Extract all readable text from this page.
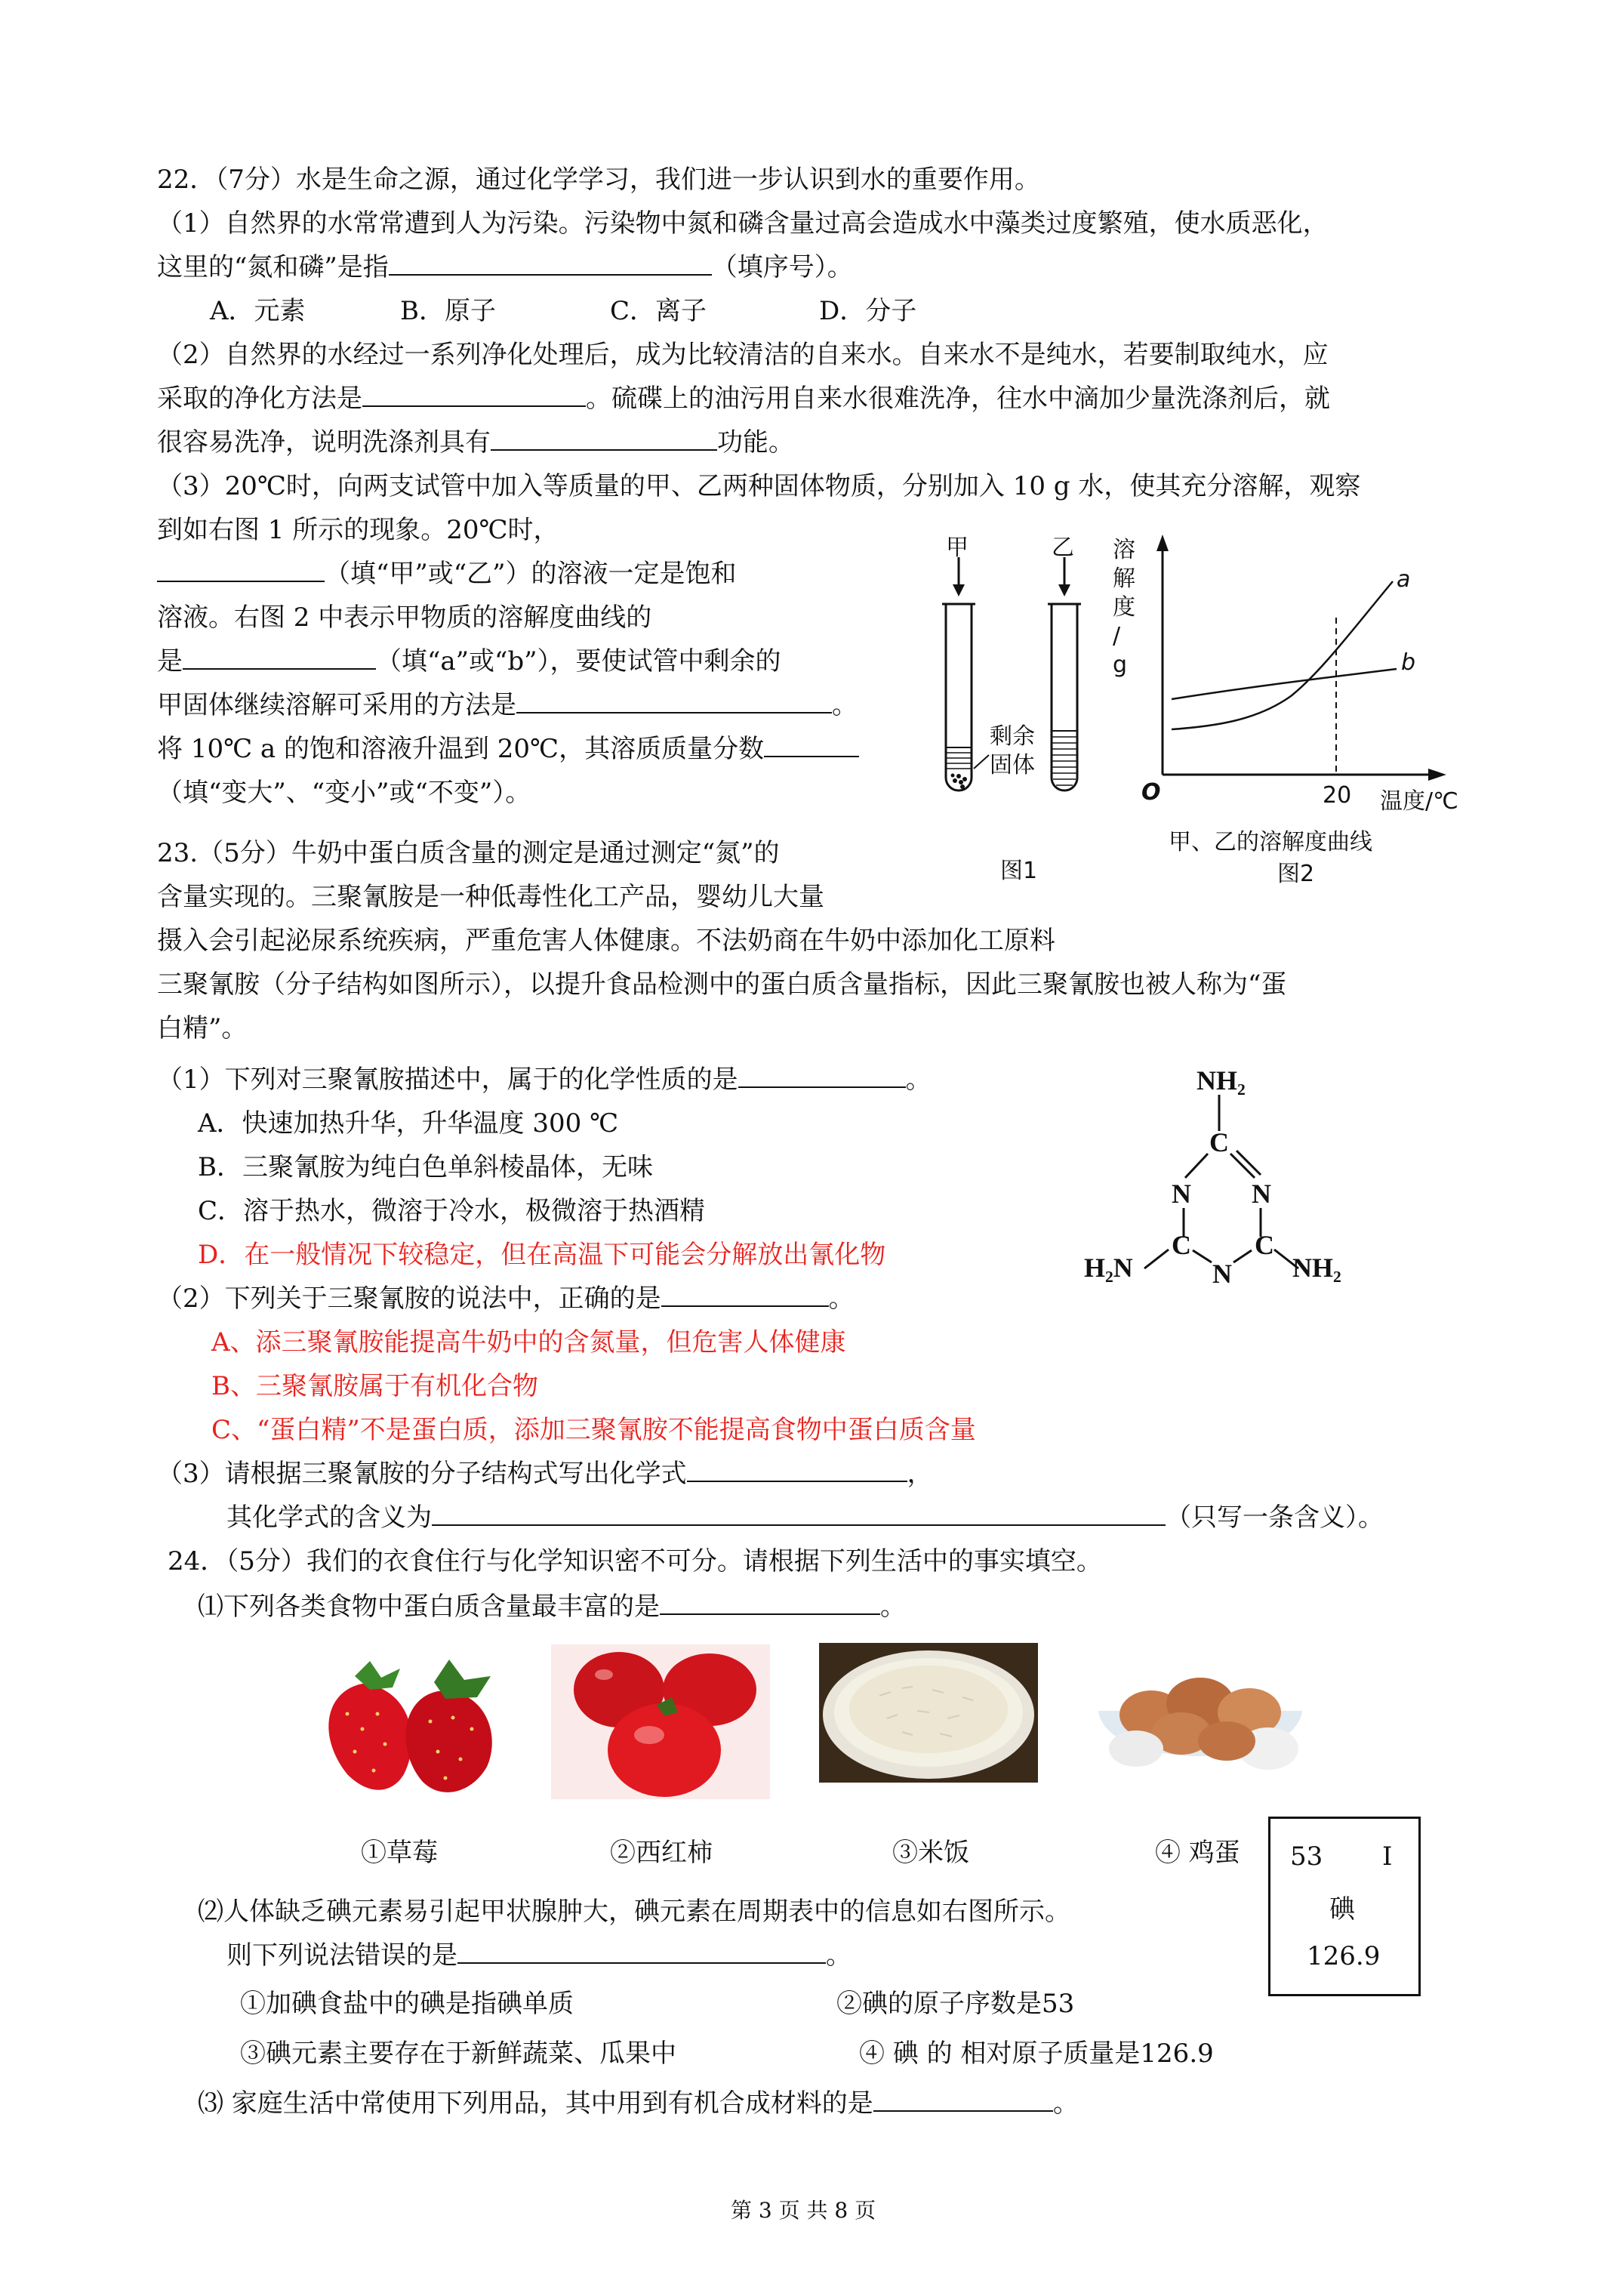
22．（7分）水是生命之源，通过化学学习，我们进一步认识到水的重要作用。
（1）自然界的水常常遭到人为污染。污染物中氮和磷含量过高会造成水中藻类过度繁殖，使水质恶化，
这里的“氮和磷”是指	（填序号）。
A．元素	B．原子	C．离子	D．分子
（2）自然界的水经过一系列净化处理后，成为比较清洁的自来水。自来水不是纯水，若要制取纯水，应
采取的净化方法是	。硫碟上的油污用自来水很难洗净，往水中滴加少量洗涤剂后，就
很容易洗净，说明洗涤剂具有	功能。
（3）20℃时，向两支试管中加入等质量的甲、乙两种固体物质，分别加入 10 g 水，使其充分溶解，观察
到如右图 1 所示的现象。20℃时，
（填“甲”或“乙”）的溶液一定是饱和
溶液。右图 2 中表示甲物质的溶解度曲线的
是	（填“a”或“b”），要使试管中剩余的
甲固体继续溶解可采用的方法是	。
将 10℃ a 的饱和溶液升温到 20℃，其溶质质量分数
（填“变大”、“变小”或“不变”）。
甲	乙
剩余
固体
图1
溶
解
度
/
g
a
b
O	20 温度/℃
甲、乙的溶解度曲线
图2
23.（5分）牛奶中蛋白质含量的测定是通过测定“氮”的
含量实现的。三聚氰胺是一种低毒性化工产品，婴幼儿大量
摄入会引起泌尿系统疾病，严重危害人体健康。不法奶商在牛奶中添加化工原料
三聚氰胺（分子结构如图所示），以提升食品检测中的蛋白质含量指标，因此三聚氰胺也被人称为“蛋
白精”。
（1）下列对三聚氰胺描述中，属于的化学性质的是	。
A．快速加热升华，升华温度 300 ℃
B．三聚氰胺为纯白色单斜棱晶体，无味
C．溶于热水，微溶于冷水，极微溶于热酒精
D．在一般情况下较稳定，但在高温下可能会分解放出氰化物
（2）下列关于三聚氰胺的说法中，正确的是	。
A、添三聚氰胺能提高牛奶中的含氮量，但危害人体健康
B、三聚氰胺属于有机化合物
C、“蛋白精”不是蛋白质，添加三聚氰胺不能提高食物中蛋白质含量
（3）请根据三聚氰胺的分子结构式写出化学式	，
其化学式的含义为	（只写一条含义）。
NH₂
C
N N
C C
N
H₂N	NH₂
24．（5分）我们的衣食住行与化学知识密不可分。请根据下列生活中的事实填空。
⑴下列各类食物中蛋白质含量最丰富的是	。
①草莓	②西红柿	③米饭	④ 鸡蛋 53 I
碘
126.9
⑵人体缺乏碘元素易引起甲状腺肿大，碘元素在周期表中的信息如右图所示。
则下列说法错误的是	。
①加碘食盐中的碘是指碘单质	②碘的原子序数是53
③碘元素主要存在于新鲜蔬菜、瓜果中	④ 碘 的 相对原子质量是126.9
⑶ 家庭生活中常使用下列用品，其中用到有机合成材料的是	。
第 3 页 共 8 页
